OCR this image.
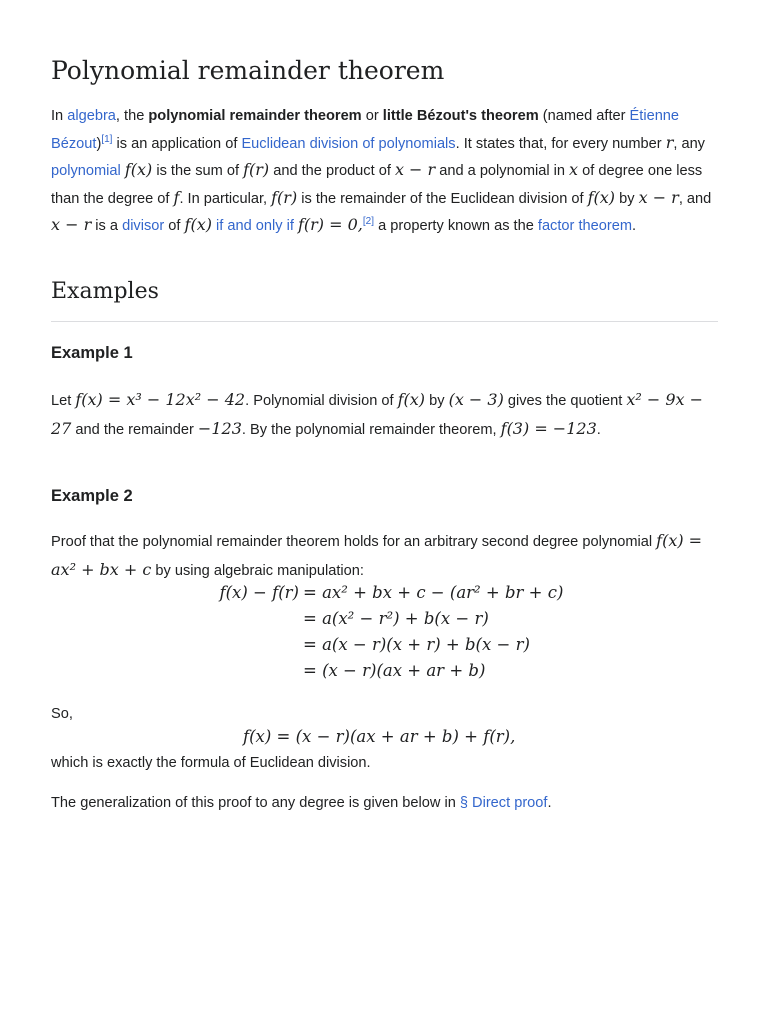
Polynomial remainder theorem

In algebra, the polynomial remainder theorem or little Bézout's theorem (named after Étienne Bézout)[1] is an application of Euclidean division of polynomials. It states that, for every number r, any polynomial f(x) is the sum of f(r) and the product of x − r and a polynomial in x of degree one less than the degree of f. In particular, f(r) is the remainder of the Euclidean division of f(x) by x − r, and x − r is a divisor of f(x) if and only if f(r) = 0,[2] a property known as the factor theorem.

Examples
Example 1

Let f(x) = x³ − 12x² − 42. Polynomial division of f(x) by (x − 3) gives the quotient x² − 9x − 27 and the remainder −123. By the polynomial remainder theorem, f(3) = −123.

Example 2

Proof that the polynomial remainder theorem holds for an arbitrary second degree polynomial f(x) = ax² + bx + c by using algebraic manipulation:

f(x) − f(r) = ax² + bx + c − (ar² + br + c)
= a(x² − r²) + b(x − r)
= a(x − r)(x + r) + b(x − r)
= (x − r)(ax + ar + b)

So,

f(x) = (x − r)(ax + ar + b) + f(r),

which is exactly the formula of Euclidean division.

The generalization of this proof to any degree is given below in § Direct proof.
